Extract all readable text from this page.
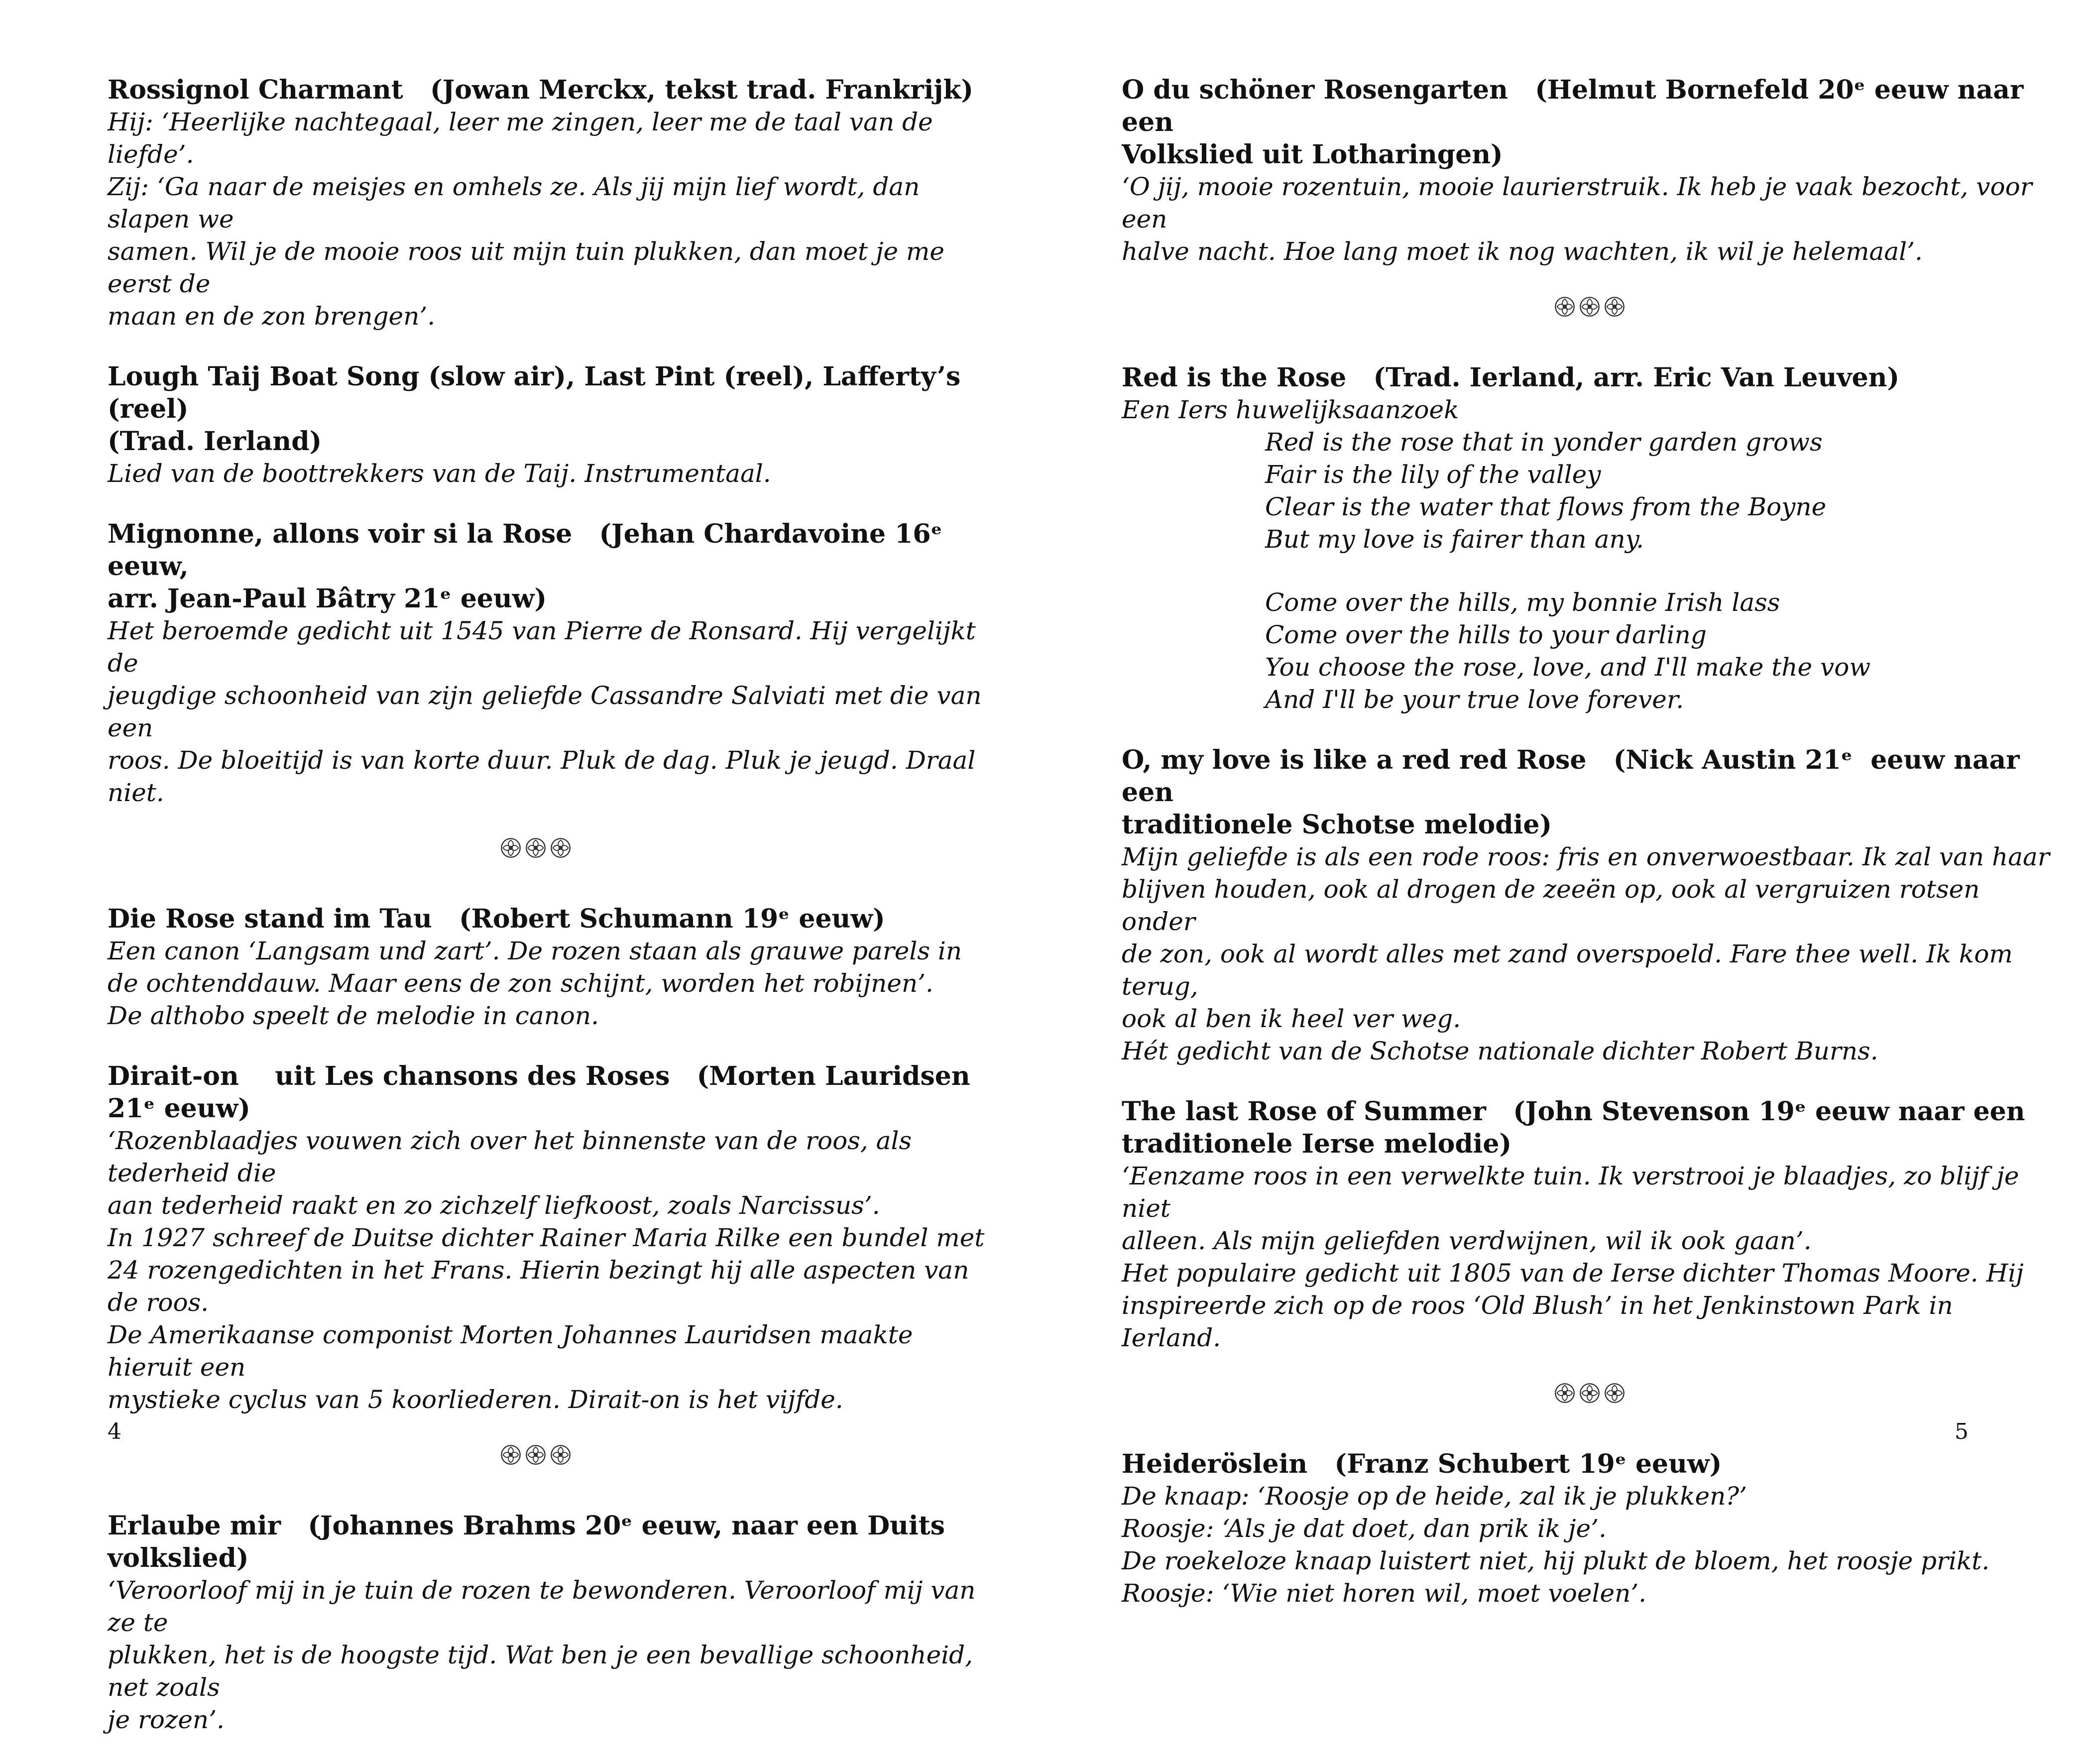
Rossignol Charmant   (Jowan Merckx, tekst trad. Frankrijk)

Hij: ‘Heerlijke nachtegaal, leer me zingen, leer me de taal van de liefde’.

Zij: ‘Ga naar de meisjes en omhels ze. Als jij mijn lief wordt, dan slapen we

samen. Wil je de mooie roos uit mijn tuin plukken, dan moet je me eerst de

maan en de zon brengen’.

Lough Taij Boat Song (slow air), Last Pint (reel), Lafferty’s (reel)
(Trad. Ierland)

Lied van de boottrekkers van de Taij. Instrumentaal.

Mignonne, allons voir si la Rose   (Jehan Chardavoine 16ᵉ eeuw,
arr. Jean-Paul Bâtry 21ᵉ eeuw)

Het beroemde gedicht uit 1545 van Pierre de Ronsard. Hij vergelijkt de

jeugdige schoonheid van zijn geliefde Cassandre Salviati met die van een

roos. De bloeitijd is van korte duur. Pluk de dag. Pluk je jeugd. Draal niet.

Die Rose stand im Tau   (Robert Schumann 19ᵉ eeuw)

Een canon ‘Langsam und zart’. De rozen staan als grauwe parels in

de ochtenddauw. Maar eens de zon schijnt, worden het robijnen’.

De althobo speelt de melodie in canon.

Dirait-on    uit Les chansons des Roses   (Morten Lauridsen 21ᵉ eeuw)

‘Rozenblaadjes vouwen zich over het binnenste van de roos, als tederheid die

aan tederheid raakt en zo zichzelf liefkoost, zoals Narcissus’.

In 1927 schreef de Duitse dichter Rainer Maria Rilke een bundel met

24 rozengedichten in het Frans. Hierin bezingt hij alle aspecten van de roos.

De Amerikaanse componist Morten Johannes Lauridsen maakte hieruit een

mystieke cyclus van 5 koorliederen. Dirait-on is het vijfde.

Erlaube mir   (Johannes Brahms 20ᵉ eeuw, naar een Duits volkslied)

‘Veroorloof mij in je tuin de rozen te bewonderen. Veroorloof mij van ze te

plukken, het is de hoogste tijd. Wat ben je een bevallige schoonheid, net zoals

je rozen’.

4

O du schöner Rosengarten   (Helmut Bornefeld 20ᵉ eeuw naar een
Volkslied uit Lotharingen)

‘O jij, mooie rozentuin, mooie laurierstruik. Ik heb je vaak bezocht, voor een

halve nacht. Hoe lang moet ik nog wachten, ik wil je helemaal’.

Red is the Rose   (Trad. Ierland, arr. Eric Van Leuven)

Een Iers huwelijksaanzoek

Red is the rose that in yonder garden grows

Fair is the lily of the valley

Clear is the water that flows from the Boyne

But my love is fairer than any.

Come over the hills, my bonnie Irish lass

Come over the hills to your darling

You choose the rose, love, and I'll make the vow

And I'll be your true love forever.

O, my love is like a red red Rose   (Nick Austin 21ᵉ  eeuw naar een
traditionele Schotse melodie)

Mijn geliefde is als een rode roos: fris en onverwoestbaar. Ik zal van haar

blijven houden, ook al drogen de zeeën op, ook al vergruizen rotsen onder

de zon, ook al wordt alles met zand overspoeld. Fare thee well. Ik kom terug,

ook al ben ik heel ver weg.

Hét gedicht van de Schotse nationale dichter Robert Burns.

The last Rose of Summer   (John Stevenson 19ᵉ eeuw naar een
traditionele Ierse melodie)

‘Eenzame roos in een verwelkte tuin. Ik verstrooi je blaadjes, zo blijf je niet

alleen. Als mijn geliefden verdwijnen, wil ik ook gaan’.

Het populaire gedicht uit 1805 van de Ierse dichter Thomas Moore. Hij

inspireerde zich op de roos ‘Old Blush’ in het Jenkinstown Park in Ierland.

Heideröslein   (Franz Schubert 19ᵉ eeuw)

De knaap: ‘Roosje op de heide, zal ik je plukken?’

Roosje: ‘Als je dat doet, dan prik ik je’.

De roekeloze knaap luistert niet, hij plukt de bloem, het roosje prikt.

Roosje: ‘Wie niet horen wil, moet voelen’.

5
